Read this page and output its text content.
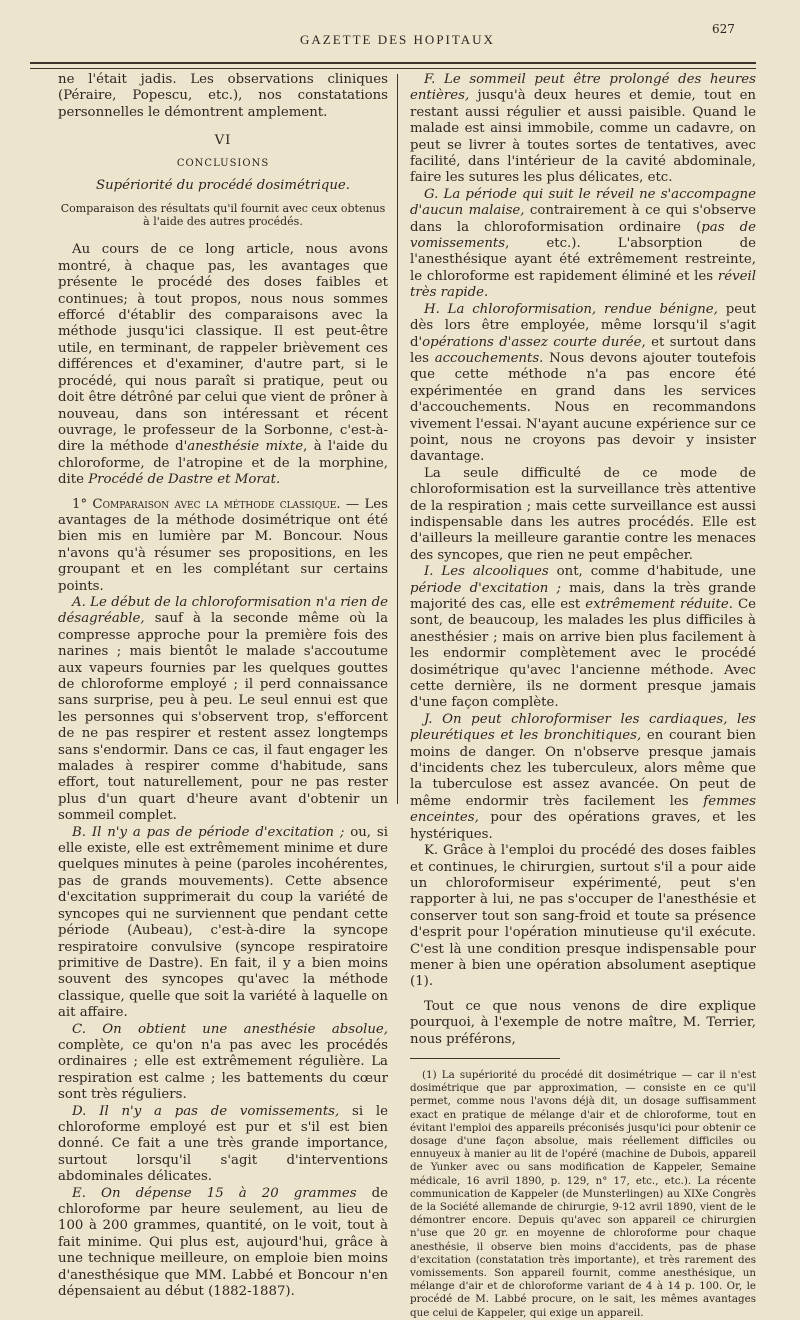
GAZETTE DES HOPITAUX
627

ne l'était jadis. Les observations cliniques (Péraire, Popescu, etc.), nos constatations personnelles le démontrent amplement.

VI
CONCLUSIONS
Supériorité du procédé dosimétrique.
Comparaison des résultats qu'il fournit avec ceux obtenus à l'aide des autres procédés.

Au cours de ce long article, nous avons montré, à chaque pas, les avantages que présente le procédé des doses faibles et continues; à tout propos, nous nous sommes efforcé d'établir des comparaisons avec la méthode jusqu'ici classique. Il est peut-être utile, en terminant, de rappeler brièvement ces différences et d'examiner, d'autre part, si le procédé, qui nous paraît si pratique, peut ou doit être détrôné par celui que vient de prôner à nouveau, dans son intéressant et récent ouvrage, le professeur de la Sorbonne, c'est-à-dire la méthode d'anesthésie mixte, à l'aide du chloroforme, de l'atropine et de la morphine, dite Procédé de Dastre et Morat.

1° Comparaison avec la méthode classique. — Les avantages de la méthode dosimétrique ont été bien mis en lumière par M. Boncour. Nous n'avons qu'à résumer ses propositions, en les groupant et en les complétant sur certains points.

A. Le début de la chloroformisation n'a rien de désagréable, sauf à la seconde même où la compresse approche pour la première fois des narines ; mais bientôt le malade s'accoutume aux vapeurs fournies par les quelques gouttes de chloroforme employé ; il perd connaissance sans surprise, peu à peu. Le seul ennui est que les personnes qui s'observent trop, s'efforcent de ne pas respirer et restent assez longtemps sans s'endormir. Dans ce cas, il faut engager les malades à respirer comme d'habitude, sans effort, tout naturellement, pour ne pas rester plus d'un quart d'heure avant d'obtenir un sommeil complet.

B. Il n'y a pas de période d'excitation ; ou, si elle existe, elle est extrêmement minime et dure quelques minutes à peine (paroles incohérentes, pas de grands mouvements). Cette absence d'excitation supprimerait du coup la variété de syncopes qui ne surviennent que pendant cette période (Aubeau), c'est-à-dire la syncope respiratoire convulsive (syncope respiratoire primitive de Dastre). En fait, il y a bien moins souvent des syncopes qu'avec la méthode classique, quelle que soit la variété à laquelle on ait affaire.

C. On obtient une anesthésie absolue, complète, ce qu'on n'a pas avec les procédés ordinaires ; elle est extrêmement régulière. La respiration est calme ; les battements du cœur sont très réguliers.

D. Il n'y a pas de vomissements, si le chloroforme employé est pur et s'il est bien donné. Ce fait a une très grande importance, surtout lorsqu'il s'agit d'interventions abdominales délicates.

E. On dépense 15 à 20 grammes de chloroforme par heure seulement, au lieu de 100 à 200 grammes, quantité, on le voit, tout à fait minime. Qui plus est, aujourd'hui, grâce à une technique meilleure, on emploie bien moins d'anesthésique que MM. Labbé et Boncour n'en dépensaient au début (1882-1887).

F. Le sommeil peut être prolongé des heures entières, jusqu'à deux heures et demie, tout en restant aussi régulier et aussi paisible. Quand le malade est ainsi immobile, comme un cadavre, on peut se livrer à toutes sortes de tentatives, avec facilité, dans l'intérieur de la cavité abdominale, faire les sutures les plus délicates, etc.

G. La période qui suit le réveil ne s'accompagne d'aucun malaise, contrairement à ce qui s'observe dans la chloroformisation ordinaire (pas de vomissements, etc.). L'absorption de l'anesthésique ayant été extrêmement restreinte, le chloroforme est rapidement éliminé et les réveil très rapide.

H. La chloroformisation, rendue bénigne, peut dès lors être employée, même lorsqu'il s'agit d'opérations d'assez courte durée, et surtout dans les accouchements. Nous devons ajouter toutefois que cette méthode n'a pas encore été expérimentée en grand dans les services d'accouchements. Nous en recommandons vivement l'essai. N'ayant aucune expérience sur ce point, nous ne croyons pas devoir y insister davantage.

La seule difficulté de ce mode de chloroformisation est la surveillance très attentive de la respiration ; mais cette surveillance est aussi indispensable dans les autres procédés. Elle est d'ailleurs la meilleure garantie contre les menaces des syncopes, que rien ne peut empêcher.

I. Les alcooliques ont, comme d'habitude, une période d'excitation ; mais, dans la très grande majorité des cas, elle est extrêmement réduite. Ce sont, de beaucoup, les malades les plus difficiles à anesthésier ; mais on arrive bien plus facilement à les endormir complètement avec le procédé dosimétrique qu'avec l'ancienne méthode. Avec cette dernière, ils ne dorment presque jamais d'une façon complète.

J. On peut chloroformiser les cardiaques, les pleurétiques et les bronchitiques, en courant bien moins de danger. On n'observe presque jamais d'incidents chez les tuberculeux, alors même que la tuberculose est assez avancée. On peut de même endormir très facilement les femmes enceintes, pour des opérations graves, et les hystériques.

K. Grâce à l'emploi du procédé des doses faibles et continues, le chirurgien, surtout s'il a pour aide un chloroformiseur expérimenté, peut s'en rapporter à lui, ne pas s'occuper de l'anesthésie et conserver tout son sang-froid et toute sa présence d'esprit pour l'opération minutieuse qu'il exécute. C'est là une condition presque indispensable pour mener à bien une opération absolument aseptique (1).

Tout ce que nous venons de dire explique pourquoi, à l'exemple de notre maître, M. Terrier, nous préférons,

(1) La supériorité du procédé dit dosimétrique — car il n'est dosimétrique que par approximation, — consiste en ce qu'il permet, comme nous l'avons déjà dit, un dosage suffisamment exact en pratique de mélange d'air et de chloroforme, tout en évitant l'emploi des appareils préconisés jusqu'ici pour obtenir ce dosage d'une façon absolue, mais réellement difficiles ou ennuyeux à manier au lit de l'opéré (machine de Dubois, appareil de Yunker avec ou sans modification de Kappeler, Semaine médicale, 16 avril 1890, p. 129, n° 17, etc., etc.). La récente communication de Kappeler (de Munsterlingen) au XIXe Congrès de la Société allemande de chirurgie, 9-12 avril 1890, vient de le démontrer encore. Depuis qu'avec son appareil ce chirurgien n'use que 20 gr. en moyenne de chloroforme pour chaque anesthésie, il observe bien moins d'accidents, pas de phase d'excitation (constatation très importante), et très rarement des vomissements. Son appareil fournit, comme anesthésique, un mélange d'air et de chloroforme variant de 4 à 14 p. 100. Or, le procédé de M. Labbé procure, on le sait, les mêmes avantages que celui de Kappeler, qui exige un appareil.
